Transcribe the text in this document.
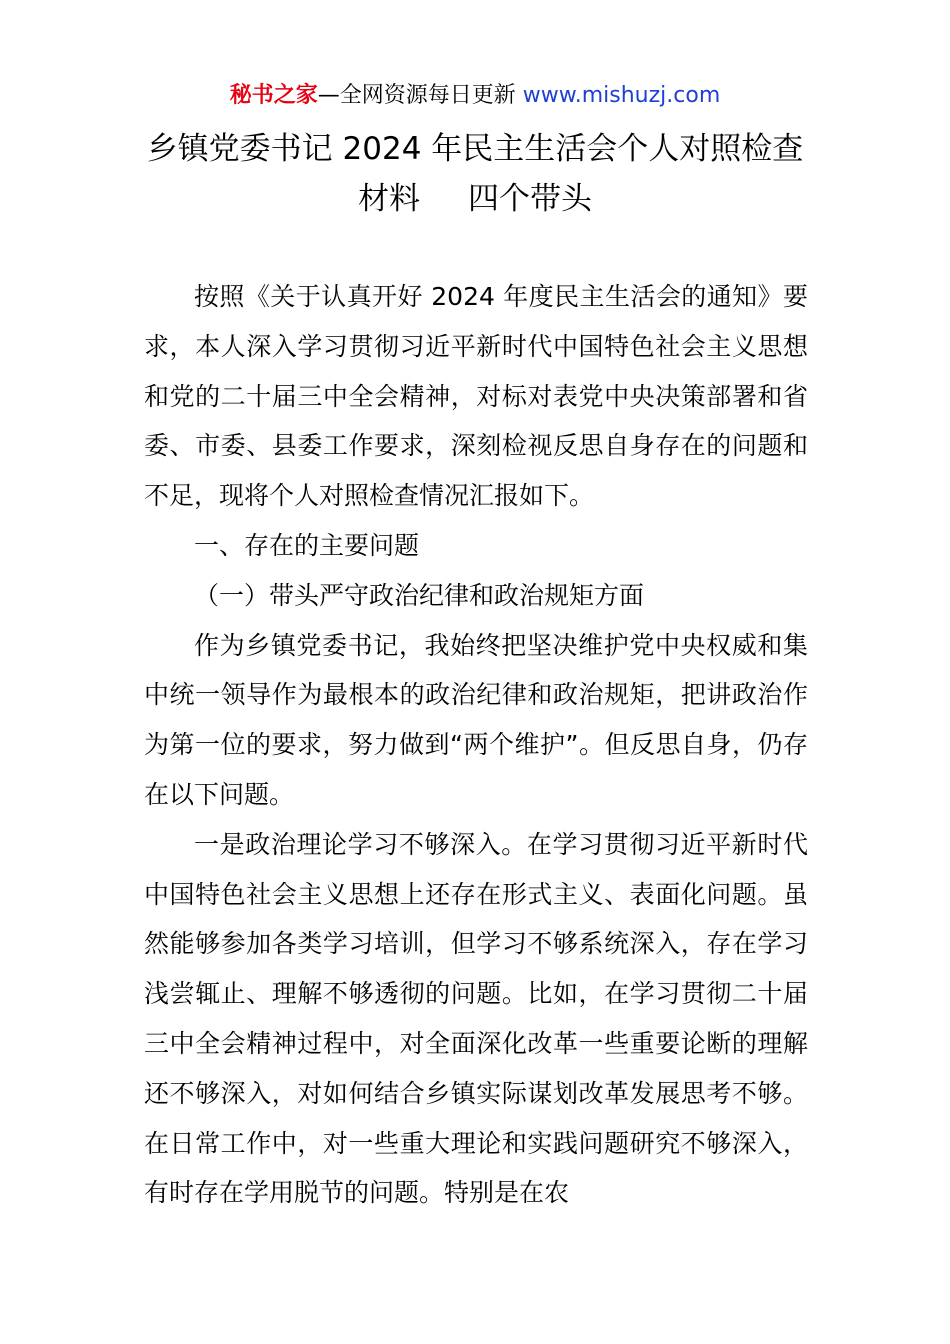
秘书之家—全网资源每日更新 www.mishuzj.com
乡镇党委书记 2024 年民主生活会个人对照检查
材料 四个带头

按照《关于认真开好 2024 年度民主生活会的通知》要求，本人深入学习贯彻习近平新时代中国特色社会主义思想和党的二十届三中全会精神，对标对表党中央决策部署和省委、市委、县委工作要求，深刻检视反思自身存在的问题和不足，现将个人对照检查情况汇报如下。

一、存在的主要问题

（一）带头严守政治纪律和政治规矩方面

作为乡镇党委书记，我始终把坚决维护党中央权威和集中统一领导作为最根本的政治纪律和政治规矩，把讲政治作为第一位的要求，努力做到“两个维护”。但反思自身，仍存在以下问题。

一是政治理论学习不够深入。在学习贯彻习近平新时代中国特色社会主义思想上还存在形式主义、表面化问题。虽然能够参加各类学习培训，但学习不够系统深入，存在学习浅尝辄止、理解不够透彻的问题。比如，在学习贯彻二十届三中全会精神过程中，对全面深化改革一些重要论断的理解还不够深入，对如何结合乡镇实际谋划改革发展思考不够。在日常工作中，对一些重大理论和实践问题研究不够深入，有时存在学用脱节的问题。特别是在农
